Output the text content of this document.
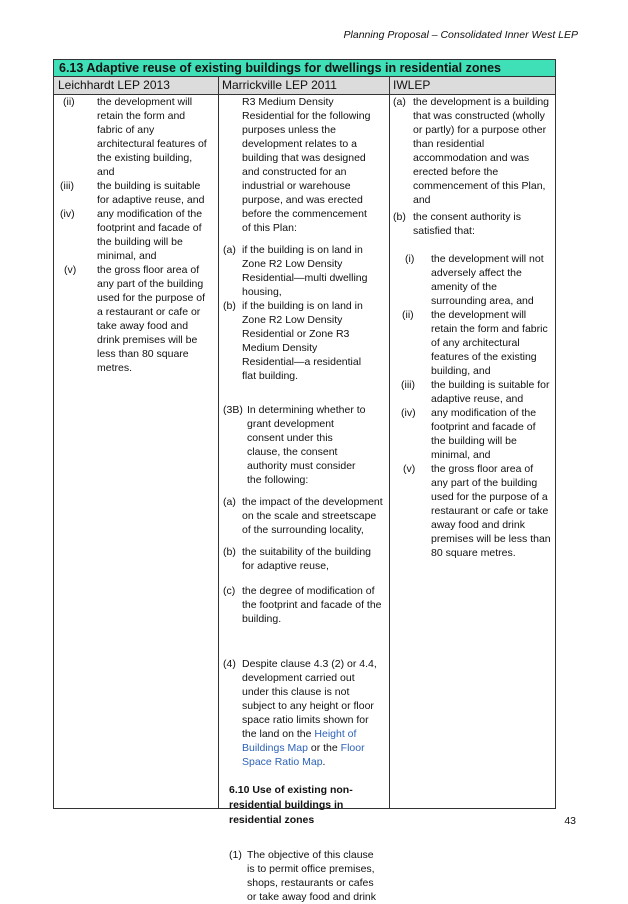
Planning Proposal – Consolidated Inner West LEP
6.13 Adaptive reuse of existing buildings for dwellings in residential zones
Leichhardt LEP 2013	Marrickville LEP 2011	IWLEP
(ii) the development will retain the form and fabric of any architectural features of the existing building, and

(iii) the building is suitable for adaptive reuse, and

(iv) any modification of the footprint and facade of the building will be minimal, and

(v) the gross floor area of any part of the building used for the purpose of a restaurant or cafe or take away food and drink premises will be less than 80 square metres.

R3 Medium Density Residential for the following purposes unless the development relates to a building that was designed and constructed for an industrial or warehouse purpose, and was erected before the commencement of this Plan:

(a) if the building is on land in Zone R2 Low Density Residential—multi dwelling housing,

(b) if the building is on land in Zone R2 Low Density Residential or Zone R3 Medium Density Residential—a residential flat building.

(3B) In determining whether to grant development consent under this clause, the consent authority must consider the following:

(a) the impact of the development on the scale and streetscape of the surrounding locality,

(b) the suitability of the building for adaptive reuse,

(c) the degree of modification of the footprint and facade of the building.

(4) Despite clause 4.3 (2) or 4.4, development carried out under this clause is not subject to any height or floor space ratio limits shown for the land on the Height of Buildings Map or the Floor Space Ratio Map.

6.10 Use of existing non-residential buildings in residential zones

(1) The objective of this clause is to permit office premises, shops, restaurants or cafes or take away food and drink

(a) the development is a building that was constructed (wholly or partly) for a purpose other than residential accommodation and was erected before the commencement of this Plan, and

(b) the consent authority is satisfied that:

(i) the development will not adversely affect the amenity of the surrounding area, and

(ii) the development will retain the form and fabric of any architectural features of the existing building, and

(iii) the building is suitable for adaptive reuse, and

(iv) any modification of the footprint and facade of the building will be minimal, and

(v) the gross floor area of any part of the building used for the purpose of a restaurant or cafe or take away food and drink premises will be less than 80 square metres.

43
